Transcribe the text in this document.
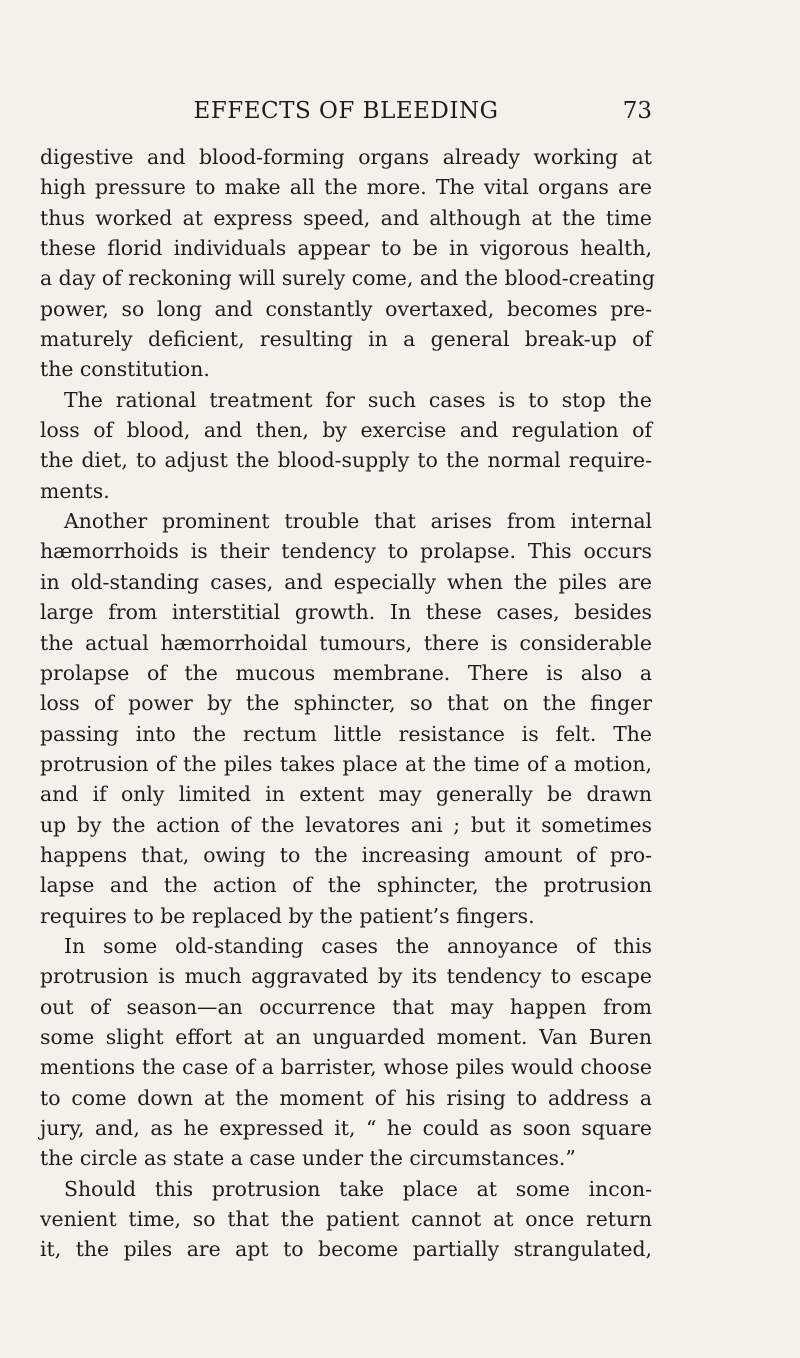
EFFECTS OF BLEEDING	73
digestive and blood-forming organs already working at
high pressure to make all the more. The vital organs are
thus worked at express speed, and although at the time
these florid individuals appear to be in vigorous health,
a day of reckoning will surely come, and the blood-creating
power, so long and constantly overtaxed, becomes pre-
maturely deficient, resulting in a general break-up of
the constitution.
The rational treatment for such cases is to stop the
loss of blood, and then, by exercise and regulation of
the diet, to adjust the blood-supply to the normal require-
ments.
Another prominent trouble that arises from internal
hæmorrhoids is their tendency to prolapse. This occurs
in old-standing cases, and especially when the piles are
large from interstitial growth. In these cases, besides
the actual hæmorrhoidal tumours, there is considerable
prolapse of the mucous membrane. There is also a
loss of power by the sphincter, so that on the finger
passing into the rectum little resistance is felt. The
protrusion of the piles takes place at the time of a motion,
and if only limited in extent may generally be drawn
up by the action of the levatores ani ; but it sometimes
happens that, owing to the increasing amount of pro-
lapse and the action of the sphincter, the protrusion
requires to be replaced by the patient’s fingers.
In some old-standing cases the annoyance of this
protrusion is much aggravated by its tendency to escape
out of season—an occurrence that may happen from
some slight effort at an unguarded moment. Van Buren
mentions the case of a barrister, whose piles would choose
to come down at the moment of his rising to address a
jury, and, as he expressed it, “ he could as soon square
the circle as state a case under the circumstances.”
Should this protrusion take place at some incon-
venient time, so that the patient cannot at once return
it, the piles are apt to become partially strangulated,
